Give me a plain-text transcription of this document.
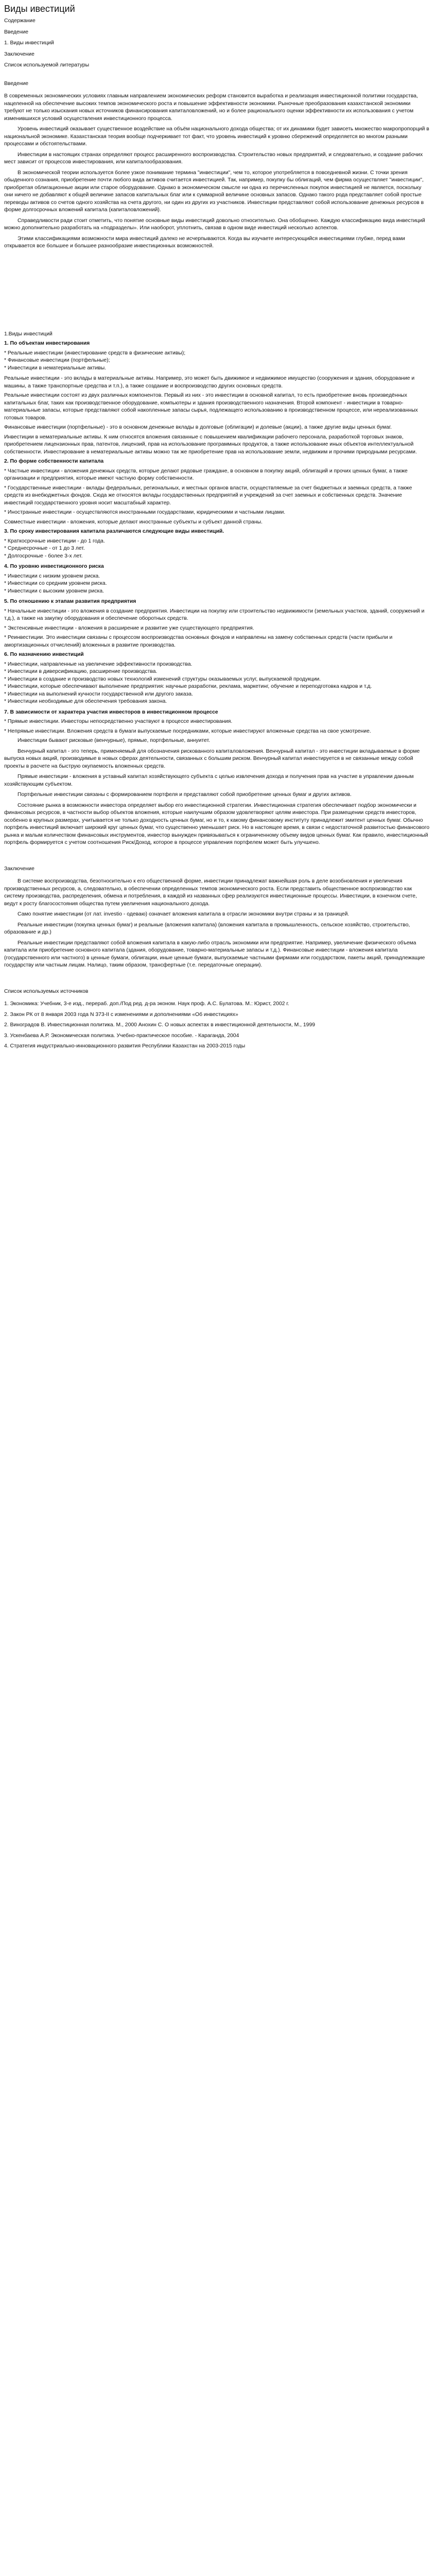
Виды ивестиций
Содержание
Введение
1. Виды инвестиций
Заключение
Список используемой литературы
Введение

В современных экономических условиях главным направлением экономических реформ становится выработка и реализация инвестиционной политики государства, нацеленной на обеспечение высоких темпов экономического роста и повышение эффективности экономики. Рыночные преобразования казахстанской экономики требуют не только изыскания новых источников финансирования капиталовложений, но и более рационального оценки эффективности их использования с учетом изменившихся условий осуществления инвестиционного процесса.

Уровень инвестиций оказывает существенное воздействие на объём национального дохода общества; от их динамики будет зависеть множество макропропорций в национальной экономике. Казахстанская теория вообще подчеркивает тот факт, что уровень инвестиций к уровню сбережений определяется во многом разными процессами и обстоятельствами.

Инвестиции в настоящих странах определяют процесс расширенного воспроизводства. Строительство новых предприятий, и следовательно, и создание рабочих мест зависит от процессов инвестирования, или капиталообразования.

В экономической теории используется более узкое понимание термина "инвестиции", чем то, которое употребляется в повседневной жизни. С точки зрения обыденного сознания, приобретение почти любого вида активов считается инвестицией. Так, например, покупку бы облигаций, чем фирма осуществляет "инвестиции", приобретая облигационные акции или старое оборудование. Однако в экономическом смысле ни одна из перечисленных покупок инвестицией не является, поскольку они ничего не добавляют к общей величине запасов капитальных благ или к суммарной величине основных запасов. Однако такого рода представляет собой простые переводы активов со счетов одного хозяйства на счета другого, ни один из других из участников. Инвестиции представляют собой использование денежных ресурсов в форме долгосрочных вложений капитала (капиталовложений).

Справедливости ради стоит отметить, что понятие основные виды инвестиций довольно относительно. Она обобщенно. Каждую классификацию вида инвестиций можно дополнительно разработать на «подразделы». Или наоборот, уплотнить, связав в одном виде инвестиций несколько аспектов.

Этими классификациями возможности мира инвестиций далеко не исчерпываются. Когда вы изучаете интересующийся инвестициями глубже, перед вами открывается все большее и большее разнообразие инвестиционных возможностей.

1.Виды инвестиций
1. По объектам инвестирования
* Реальные инвестиции (инвестирование средств в физические активы);
* Финансовые инвестиции (портфельные);
* Инвестиции в нематериальные активы.

Реальные инвестиции - это вклады в материальные активы. Например, это может быть движимое и недвижимое имущество (сооружения и здания, оборудование и машины, а также транспортные средства и т.п.), а также создание и воспроизводство других основных средств.

Реальные инвестиции состоят из двух различных компонентов. Первый из них - это инвестиции в основной капитал, то есть приобретение вновь произведённых капитальных благ, таких как производственное оборудование, компьютеры и здания производственного назначения. Второй компонент - инвестиции в товарно-материальные запасы, которые представляют собой накопленные запасы сырья, подлежащего использованию в производственном процессе, или нереализованных готовых товаров.

Финансовые инвестиции (портфельные) - это в основном денежные вклады в долговые (облигации) и долевые (акции), а также другие виды ценных бумаг.

Инвестиции в нематериальные активы. К ним относятся вложения связанные с повышением квалификации рабочего персонала, разработкой торговых знаков, приобретением лицензионных прав, патентов, лицензий, прав на использование программных продуктов, а также использование иных объектов интеллектуальной собственности. Инвестирование в нематериальные активы можно так же приобретение прав на использование земли, недвижим и прочими природными ресурсами.

2. По форме собственности капитала

* Частные инвестиции - вложения денежных средств, которые делают рядовые граждане, в основном в покупку акций, облигаций и прочих ценных бумаг, а также организации и предприятия, которые имеют частную форму собственности.

* Государственные инвестиции - вклады федеральных, региональных, и местных органов власти, осуществляемые за счет бюджетных и заемных средств, а также средств из внебюджетных фондов. Сюда же относятся вклады государственных предприятий и учреждений за счет заемных и собственных средств. Значение инвестиций государственного уровня носит масштабный характер.

* Иностранные инвестиции - осуществляются иностранными государствами, юридическими и частными лицами.

Совместные инвестиции - вложения, которые делают иностранные субъекты и субъект данной страны.

3. По сроку инвестирования капитала различаются следующие виды инвестиций.
* Краткосрочные инвестиции - до 1 года.
* Среднесрочные - от 1 до 3 лет.
* Долгосрочные - более 3-х лет.
4. По уровню инвестиционного риска
* Инвестиции с низким уровнем риска.
* Инвестиции со средним уровнем риска.
* Инвестиции с высоким уровнем риска.
5. По отношению к этапам развития предприятия

* Начальные инвестиции - это вложения в создание предприятия. Инвестиции на покупку или строительство недвижимости (земельных участков, зданий, сооружений и т.д.), а также на закупку оборудования и обеспечение оборотных средств.

* Экстенсивные инвестиции - вложения в расширение и развитие уже существующего предприятия.

* Реинвестиции. Это инвестиции связаны с процессом воспроизводства основных фондов и направлены на замену собственных средств (части прибыли и амортизационных отчислений) вложенных в развитие производства.

6. По назначению инвестиций
* Инвестиции, направленные на увеличение эффективности производства.
* Инвестиции в диверсификацию, расширение производства.
* Инвестиции в создание и производство новых технологий изменений структуры оказываемых услуг, выпускаемой продукции.
* Инвестиции, которые обеспечивают выполнение предприятия: научные разработки, реклама, маркетинг, обучение и переподготовка кадров и т.д.
* Инвестиции на выполнений кучности государственной или другого заказа.
* Инвестиции необходимые для обеспечения требования закона.
7. В зависимости от характера участия инвесторов в инвестиционном процессе

* Прямые инвестиции. Инвесторы непосредственно участвуют в процессе инвестирования.

* Непрямые инвестиции. Вложения средств в бумаги выпускаемые посредниками, которые инвестируют вложенные средства на свое усмотрение.

Инвестиции бывают рисковые (венчурные), прямые, портфельные, аннуитет.

Венчурный капитал - это теперь, применяемый для обозначения рискованного капиталовложения. Венчурный капитал - это инвестиции вкладываемые в форме выпуска новых акций, производимые в новых сферах деятельности, связанных с большим риском. Венчурный капитал инвестируется в не связанные между собой проекты в расчете на быструю окупаемость вложенных средств.

Прямые инвестиции - вложения в уставный капитал хозяйствующего субъекта с целью извлечения дохода и получения прав на участие в управлении данным хозяйствующим субъектом.

Портфельные инвестиции связаны с формированием портфеля и представляют собой приобретение ценных бумаг и других активов.

Состояние рынка в возможности инвестора определяет выбор его инвестиционной стратегии. Инвестиционная стратегия обеспечивает подбор экономически и финансовых ресурсов, в частности выбор объектов вложения, которые наилучшим образом удовлетворяют целям инвестора. При размещении средств инвесторов, особенно в крупных размерах, учитывается не только доходность ценных бумаг, но и то, к какому финансовому институту принадлежит эмитент ценных бумаг. Обычно портфель инвестиций включает широкий круг ценных бумаг, что существенно уменьшает риск. Но в настоящее время, в связи с недостаточной развитостью финансового рынка и малым количеством финансовых инструментов, инвестор вынужден привязываться к ограниченному объему видов ценных бумаг. Как правило, инвестиционный портфель формируется с учетом соотношения Риск/Доход, которое в процессе управления портфелем может быть улучшено.

Заключение

В системе воспроизводства, безотносительно к его общественной форме, инвестиции принадлежат важнейшая роль в деле возобновления и увеличения производственных ресурсов, а, следовательно, в обеспечении определенных темпов экономического роста. Если представить общественное воспроизводство как систему производства, распределения, обмена и потребления, в каждой из названных сфер реализуются инвестиционные процессы. Инвестиции, в конечном счете, ведут к росту благосостояния общества путем увеличения национального дохода.

Само понятие инвестиции (от лат. investio - одеваю) означает вложения капитала в отрасли экономики внутри страны и за границей.

Реальные инвестиции (покупка ценных бумаг) и реальные (вложения капитала) (вложения капитала в промышленность, сельское хозяйство, строительство, образование и др.)

Реальные инвестиции представляют собой вложения капитала в какую-либо отрасль экономики или предприятие. Например, увеличение физического объема капитала или приобретение основного капитала (здания, оборудование, товарно-материальные запасы и т.д.). Финансовые инвестиции - вложения капитала (государственного или частного) в ценные бумаги, облигации, иные ценные бумаги, выпускаемые частными фирмами или государством, пакеты акций, принадлежащие государству или частным лицам. Налицо, таким образом, трансфертные (т.е. передаточные операции).

Список используемых источников
1. Экономика: Учебник, 3-е изд., перераб. доп./Под ред. д-ра эконом. Наук проф. А.С. Булатова. М.: Юрист, 2002 г.
2. Закон РК от 8 января 2003 года N 373-II с изменениями и дополнениями «Об инвестициях»
2. Виноградов В. Инвестиционная политика. М., 2000 Анохин С. О новых аспектах в инвестиционной деятельности, М., 1999
3. Ускенбаева А.Р. Экономическая политика. Учебно-практическое пособие. - Караганда, 2004
4. Стратегия индустриально-инновационного развития Республики Казахстан на 2003-2015 годы
